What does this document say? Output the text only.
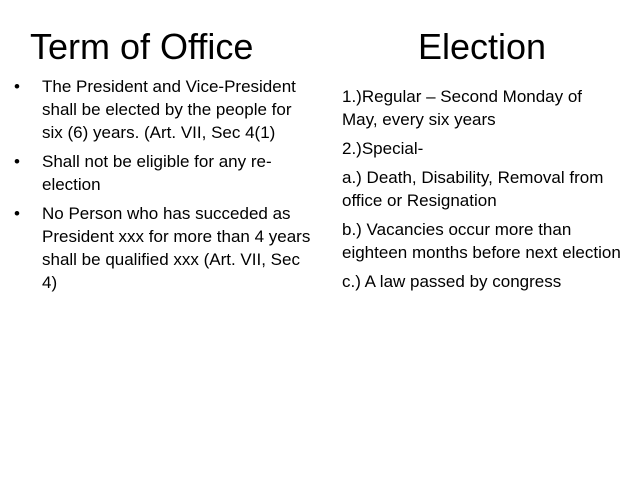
Term of Office	Election
• The President and Vice-President shall be elected by the people for six (6) years. (Art. VII, Sec 4(1)
• Shall not be eligible for any re-election
• No Person who has succeded as President xxx for more than 4 years shall be qualified xxx (Art. VII, Sec 4)
1.)Regular – Second Monday of May, every six years
2.)Special-
a.) Death, Disability, Removal from office or Resignation
b.) Vacancies occur more than eighteen months before next election
c.) A law passed by congress
